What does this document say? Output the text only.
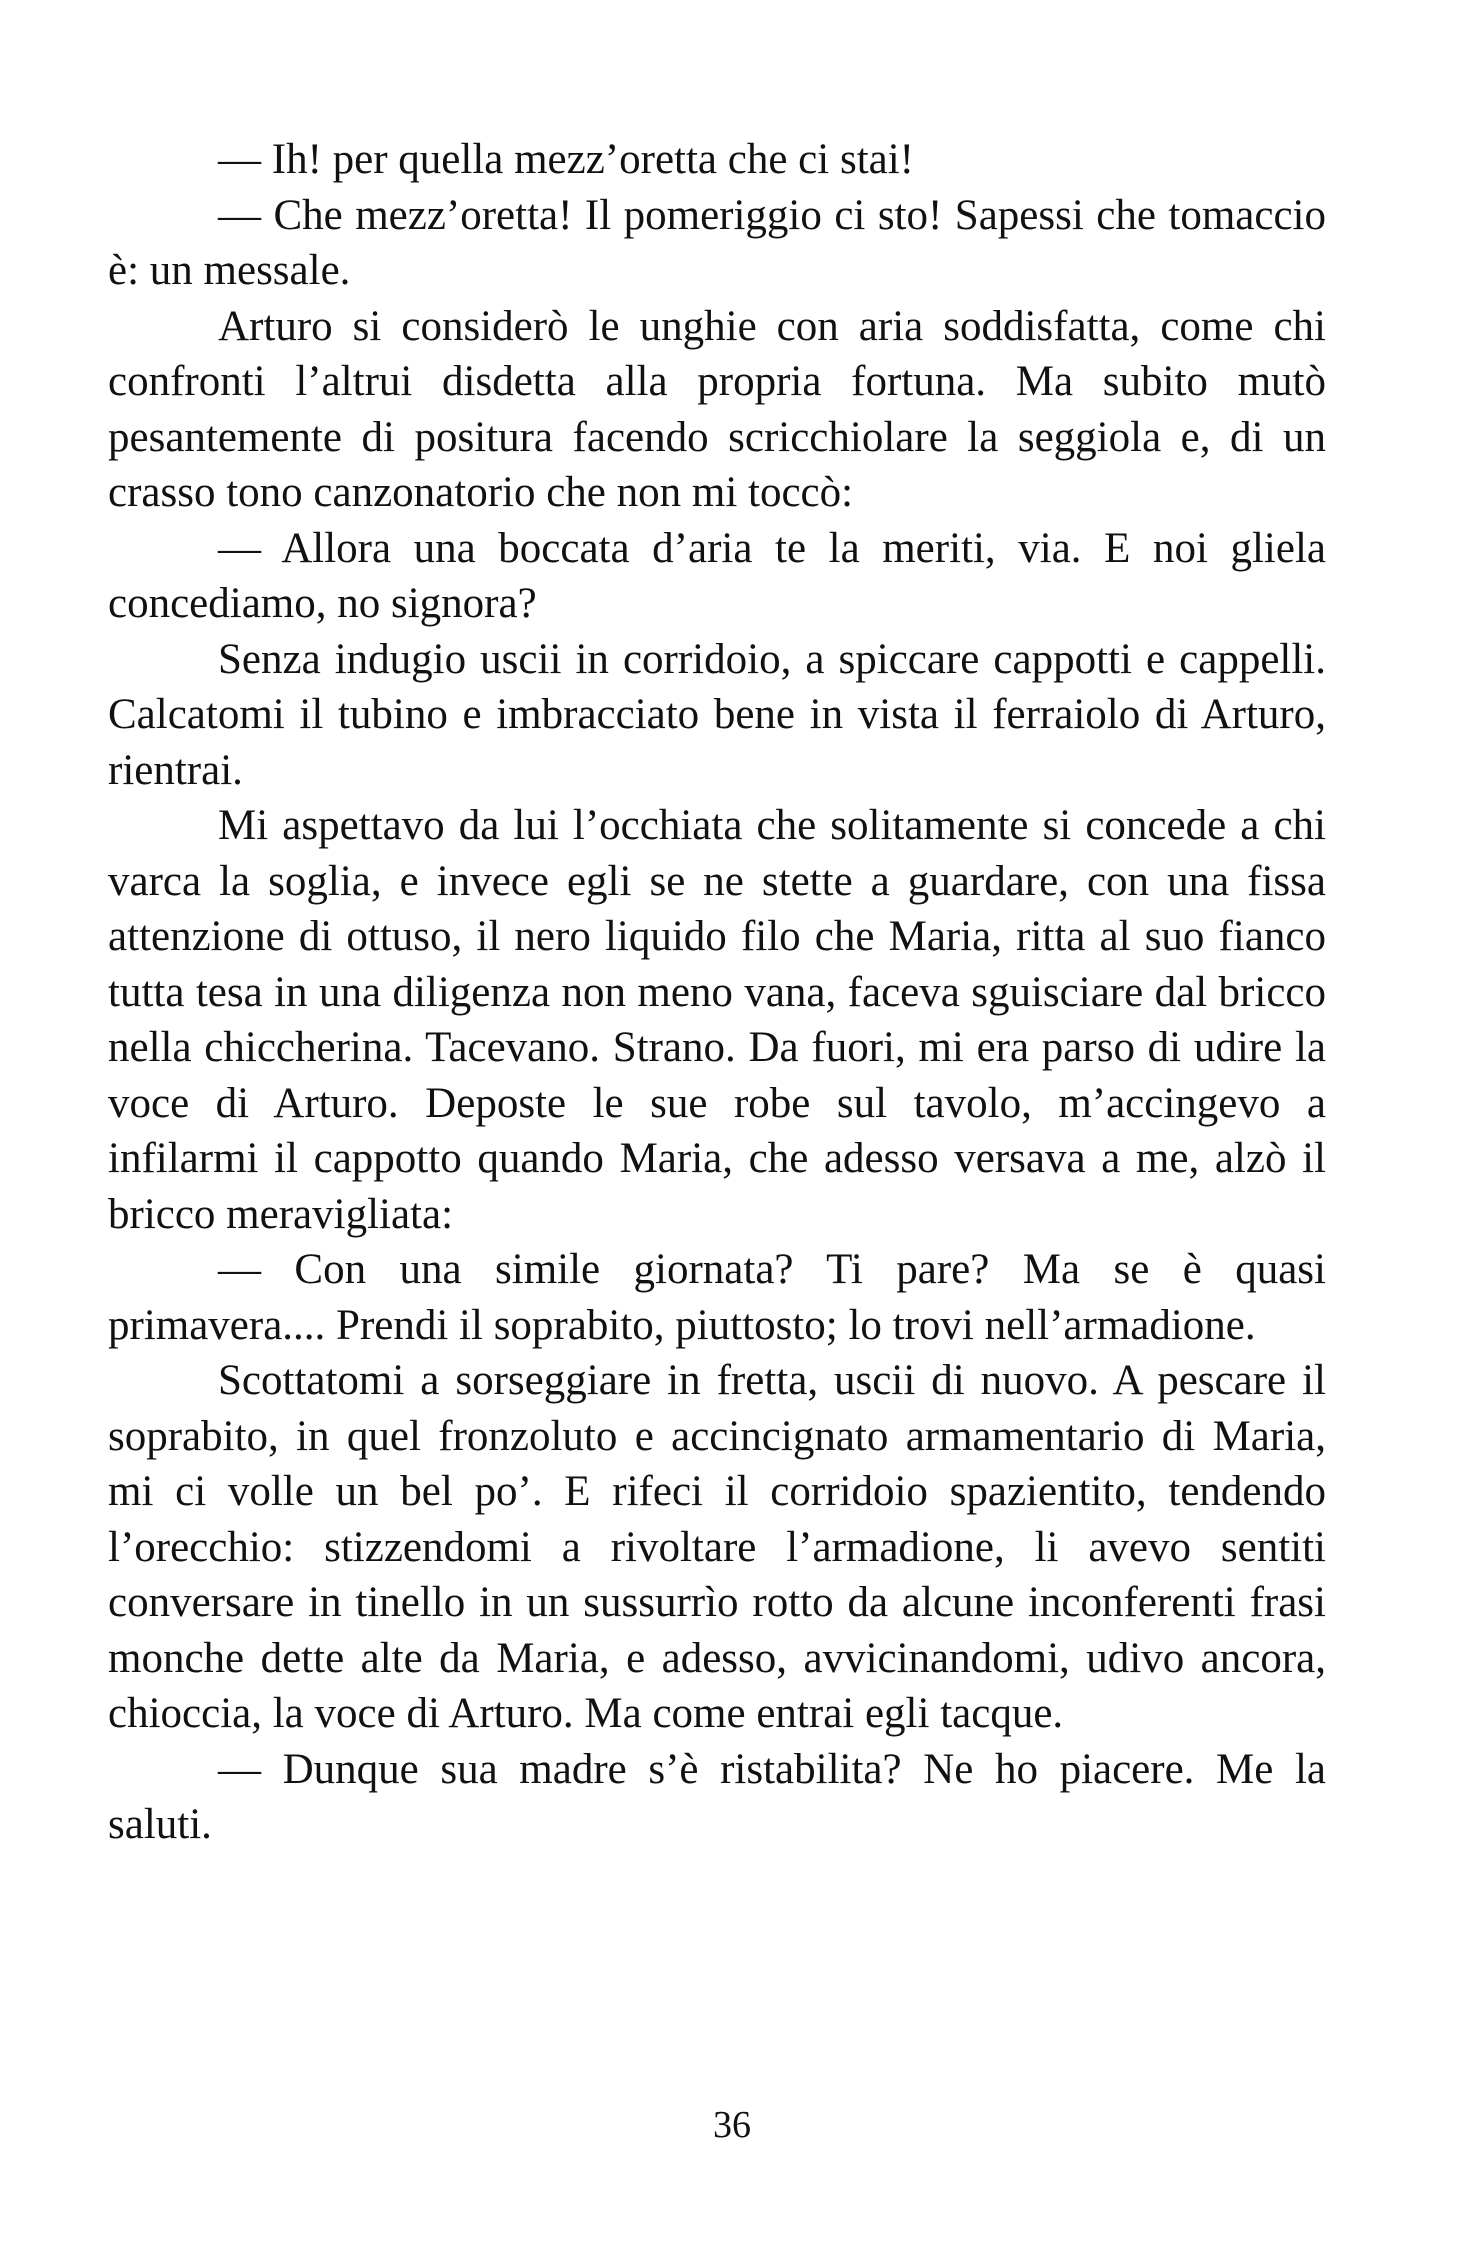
— Ih! per quella mezz’oretta che ci stai!

— Che mezz’oretta! Il pomeriggio ci sto! Sapessi che tomaccio è: un messale.

Arturo si considerò le unghie con aria soddisfatta, come chi confronti l’altrui disdetta alla propria fortuna. Ma subito mutò pesantemente di positura facendo scricchiolare la seggiola e, di un crasso tono canzonatorio che non mi toccò:

— Allora una boccata d’aria te la meriti, via. E noi gliela concediamo, no signora?

Senza indugio uscii in corridoio, a spiccare cappotti e cappelli. Calcatomi il tubino e imbracciato bene in vista il ferraiolo di Arturo, rientrai.

Mi aspettavo da lui l’occhiata che solitamente si concede a chi varca la soglia, e invece egli se ne stette a guardare, con una fissa attenzione di ottuso, il nero liquido filo che Maria, ritta al suo fianco tutta tesa in una diligenza non meno vana, faceva sguisciare dal bricco nella chiccherina. Tacevano. Strano. Da fuori, mi era parso di udire la voce di Arturo. Deposte le sue robe sul tavolo, m’accingevo a infilarmi il cappotto quando Maria, che adesso versava a me, alzò il bricco meravigliata:

— Con una simile giornata? Ti pare? Ma se è quasi primavera.... Prendi il soprabito, piuttosto; lo trovi nell’armadione.

Scottatomi a sorseggiare in fretta, uscii di nuovo. A pescare il soprabito, in quel fronzoluto e accincignato armamentario di Maria, mi ci volle un bel po’. E rifeci il corridoio spazientito, tendendo l’orecchio: stizzendomi a rivoltare l’armadione, li avevo sentiti conversare in tinello in un sussurrìo rotto da alcune inconferenti frasi monche dette alte da Maria, e adesso, avvicinandomi, udivo ancora, chioccia, la voce di Arturo. Ma come entrai egli tacque.

— Dunque sua madre s’è ristabilita? Ne ho piacere. Me la saluti.

36
